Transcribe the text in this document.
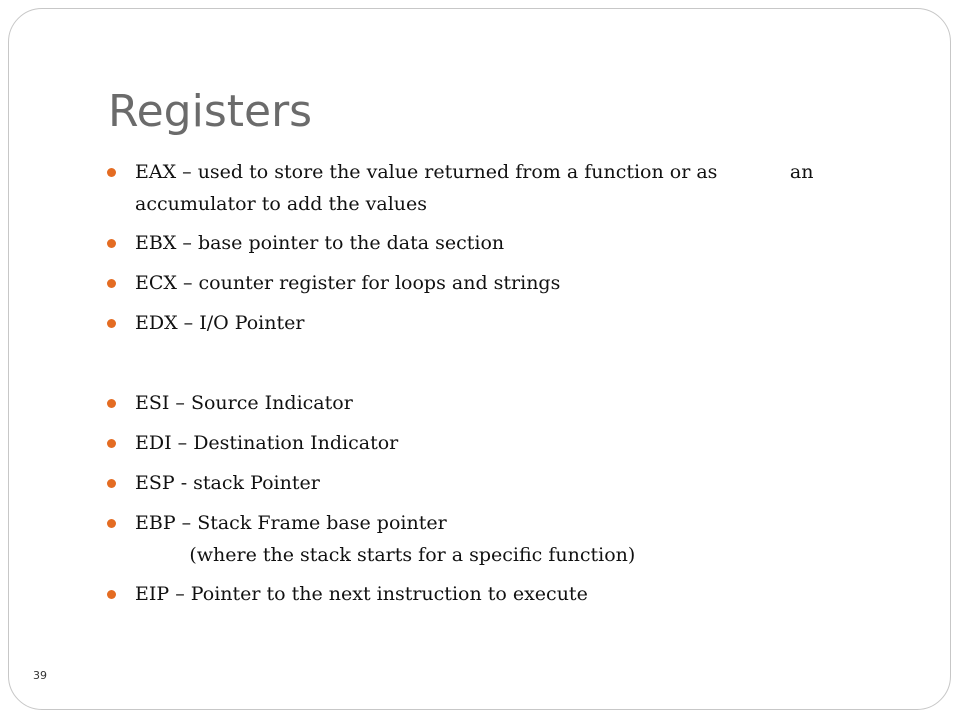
Registers
EAX – used to store the value returned from a function or as            an
accumulator to add the values
EBX – base pointer to the data section
ECX – counter register for loops and strings
EDX – I/O Pointer
ESI – Source Indicator
EDI – Destination Indicator
ESP - stack Pointer
EBP – Stack Frame base pointer
(where the stack starts for a specific function)
EIP – Pointer to the next instruction to execute
39
